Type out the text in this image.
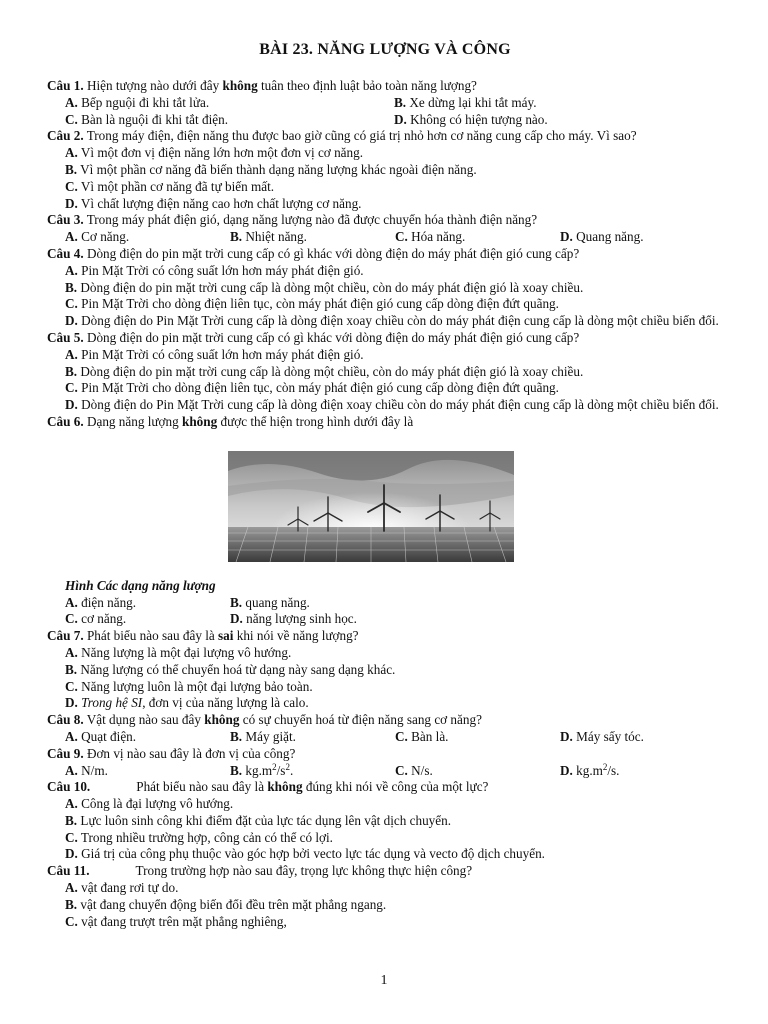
BÀI 23. NĂNG LƯỢNG VÀ CÔNG

Câu 1. Hiện tượng nào dưới đây không tuân theo định luật bảo toàn năng lượng?

A. Bếp nguội đi khi tắt lửa.	B. Xe dừng lại khi tắt máy.
C. Bàn là nguội đi khi tắt điện.	D. Không có hiện tượng nào.

Câu 2. Trong máy điện, điện năng thu được bao giờ cũng có giá trị nhỏ hơn cơ năng cung cấp cho máy. Vì sao?

A. Vì một đơn vị điện năng lớn hơn một đơn vị cơ năng.

B. Vì một phần cơ năng đã biến thành dạng năng lượng khác ngoài điện năng.

C. Vì một phần cơ năng đã tự biến mất.

D. Vì chất lượng điện năng cao hơn chất lượng cơ năng.

Câu 3. Trong máy phát điện gió, dạng năng lượng nào đã được chuyển hóa thành điện năng?

A. Cơ năng.	B. Nhiệt năng.	C. Hóa năng.	D. Quang năng.

Câu 4. Dòng điện do pin mặt trời cung cấp có gì khác với dòng điện do máy phát điện gió cung cấp?

A. Pin Mặt Trời có công suất lớn hơn máy phát điện gió.

B. Dòng điện do pin mặt trời cung cấp là dòng một chiều, còn do máy phát điện gió là xoay chiều.

C. Pin Mặt Trời cho dòng điện liên tục, còn máy phát điện gió cung cấp dòng điện đứt quãng.

D. Dòng điện do Pin Mặt Trời cung cấp là dòng điện xoay chiều còn do máy phát điện cung cấp là dòng một chiều biến đổi.

Câu 5. Dòng điện do pin mặt trời cung cấp có gì khác với dòng điện do máy phát điện gió cung cấp?

A. Pin Mặt Trời có công suất lớn hơn máy phát điện gió.

B. Dòng điện do pin mặt trời cung cấp là dòng một chiều, còn do máy phát điện gió là xoay chiều.

C. Pin Mặt Trời cho dòng điện liên tục, còn máy phát điện gió cung cấp dòng điện đứt quãng.

D. Dòng điện do Pin Mặt Trời cung cấp là dòng điện xoay chiều còn do máy phát điện cung cấp là dòng một chiều biến đổi.

Câu 6. Dạng năng lượng không được thể hiện trong hình dưới đây là

Hình Các dạng năng lượng
A. điện năng.	B. quang năng.
C. cơ năng.	D. năng lượng sinh học.

Câu 7. Phát biểu nào sau đây là sai khi nói về năng lượng?

A. Năng lượng là một đại lượng vô hướng.

B. Năng lượng có thể chuyển hoá từ dạng này sang dạng khác.

C. Năng lượng luôn là một đại lượng bảo toàn.

D. Trong hệ SI, đơn vị của năng lượng là calo.

Câu 8. Vật dụng nào sau đây không có sự chuyển hoá từ điện năng sang cơ năng?

A. Quạt điện.	B. Máy giặt.	C. Bàn là.	D. Máy sấy tóc.

Câu 9. Đơn vị nào sau đây là đơn vị của công?

A. N/m.	B. $kg.m^2/s^2$.	C. N/s.	D. $kg.m^2/s$.

Câu 10.	Phát biểu nào sau đây là không đúng khi nói về công của một lực?

A. Công là đại lượng vô hướng.

B. Lực luôn sinh công khi điểm đặt của lực tác dụng lên vật dịch chuyển.

C. Trong nhiều trường hợp, công cản có thể có lợi.

D. Giá trị của công phụ thuộc vào góc hợp bởi vecto lực tác dụng và vecto độ dịch chuyển.

Câu 11.	Trong trường hợp nào sau đây, trọng lực không thực hiện công?

A. vật đang rơi tự do.

B. vật đang chuyển động biến đổi đều trên mặt phẳng ngang.

C. vật đang trượt trên mặt phẳng nghiêng,

1
